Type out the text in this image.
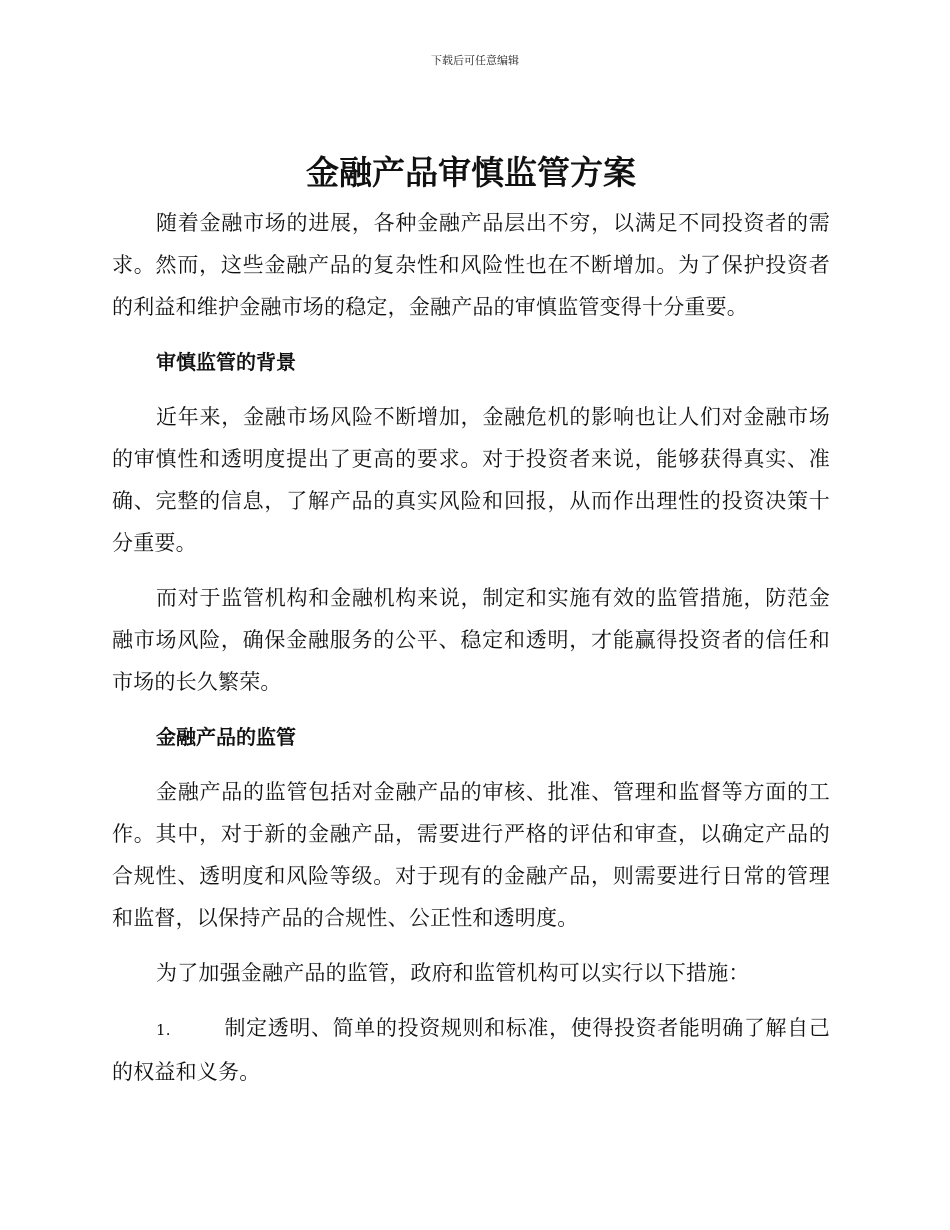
下载后可任意编辑
金融产品审慎监管方案

随着金融市场的进展，各种金融产品层出不穷，以满足不同投资者的需求。然而，这些金融产品的复杂性和风险性也在不断增加。为了保护投资者的利益和维护金融市场的稳定，金融产品的审慎监管变得十分重要。

审慎监管的背景

近年来，金融市场风险不断增加，金融危机的影响也让人们对金融市场的审慎性和透明度提出了更高的要求。对于投资者来说，能够获得真实、准确、完整的信息，了解产品的真实风险和回报，从而作出理性的投资决策十分重要。

而对于监管机构和金融机构来说，制定和实施有效的监管措施，防范金融市场风险，确保金融服务的公平、稳定和透明，才能赢得投资者的信任和市场的长久繁荣。

金融产品的监管

金融产品的监管包括对金融产品的审核、批准、管理和监督等方面的工作。其中，对于新的金融产品，需要进行严格的评估和审查，以确定产品的合规性、透明度和风险等级。对于现有的金融产品，则需要进行日常的管理和监督，以保持产品的合规性、公正性和透明度。

为了加强金融产品的监管，政府和监管机构可以实行以下措施：

1.	制定透明、简单的投资规则和标准，使得投资者能明确了解自己的权益和义务。
